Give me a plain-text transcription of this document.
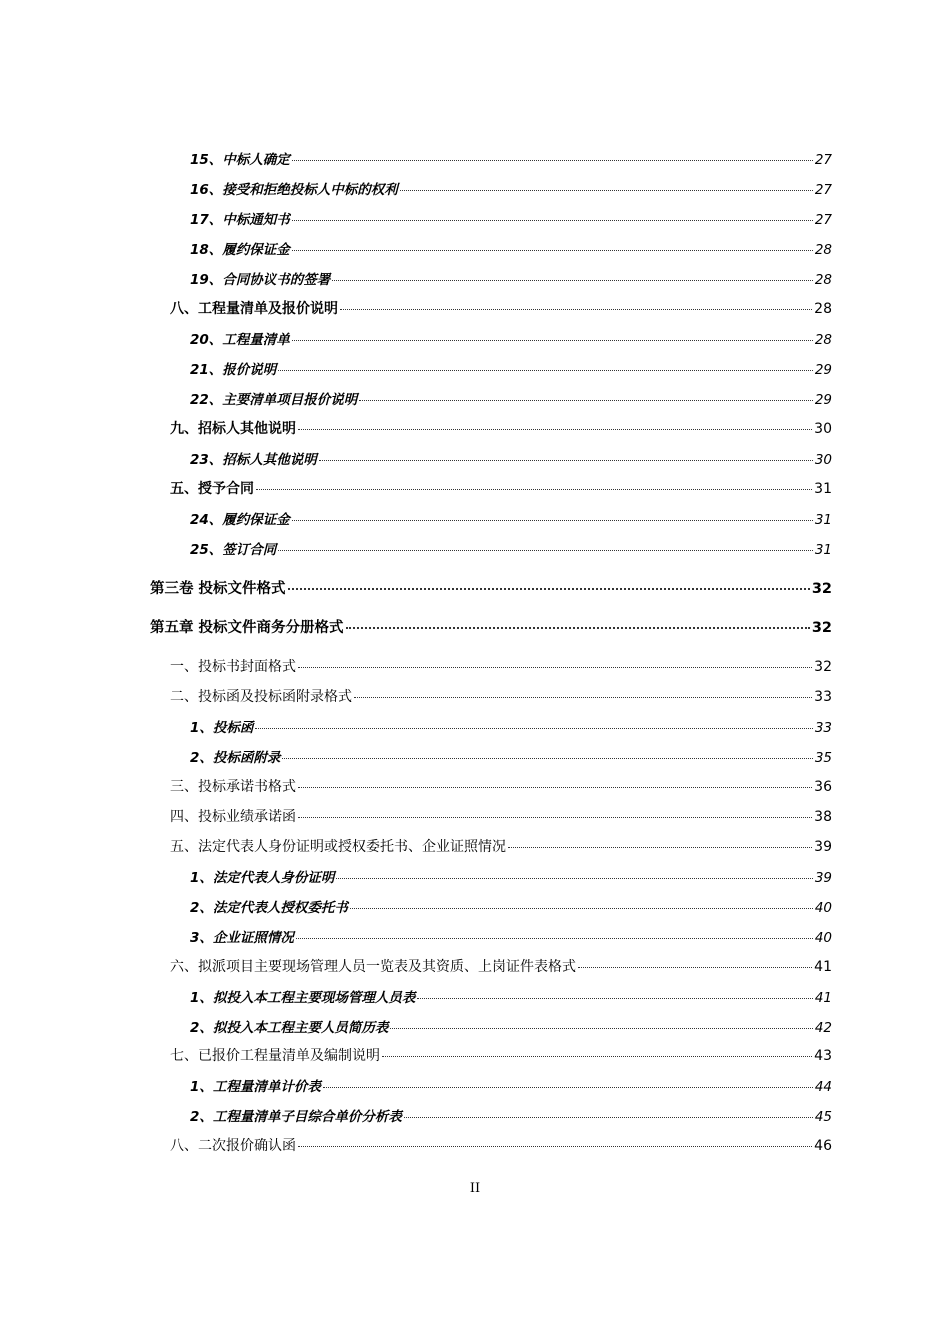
15、中标人确定	27
16、接受和拒绝投标人中标的权利	27
17、中标通知书	27
18、履约保证金	28
19、合同协议书的签署	28
八、工程量清单及报价说明	28
20、工程量清单	28
21、报价说明	29
22、主要清单项目报价说明	29
九、招标人其他说明	30
23、招标人其他说明	30
五、授予合同	31
24、履约保证金	31
25、签订合同	31
第三卷 投标文件格式	32
第五章 投标文件商务分册格式	32
一、投标书封面格式	32
二、投标函及投标函附录格式	33
1、投标函	33
2、投标函附录	35
三、投标承诺书格式	36
四、投标业绩承诺函	38
五、法定代表人身份证明或授权委托书、企业证照情况	39
1、法定代表人身份证明	39
2、法定代表人授权委托书	40
3、企业证照情况	40
六、拟派项目主要现场管理人员一览表及其资质、上岗证件表格式	41
1、拟投入本工程主要现场管理人员表	41
2、拟投入本工程主要人员简历表	42
七、已报价工程量清单及编制说明	43
1、工程量清单计价表	44
2、工程量清单子目综合单价分析表	45
八、二次报价确认函	46
II
